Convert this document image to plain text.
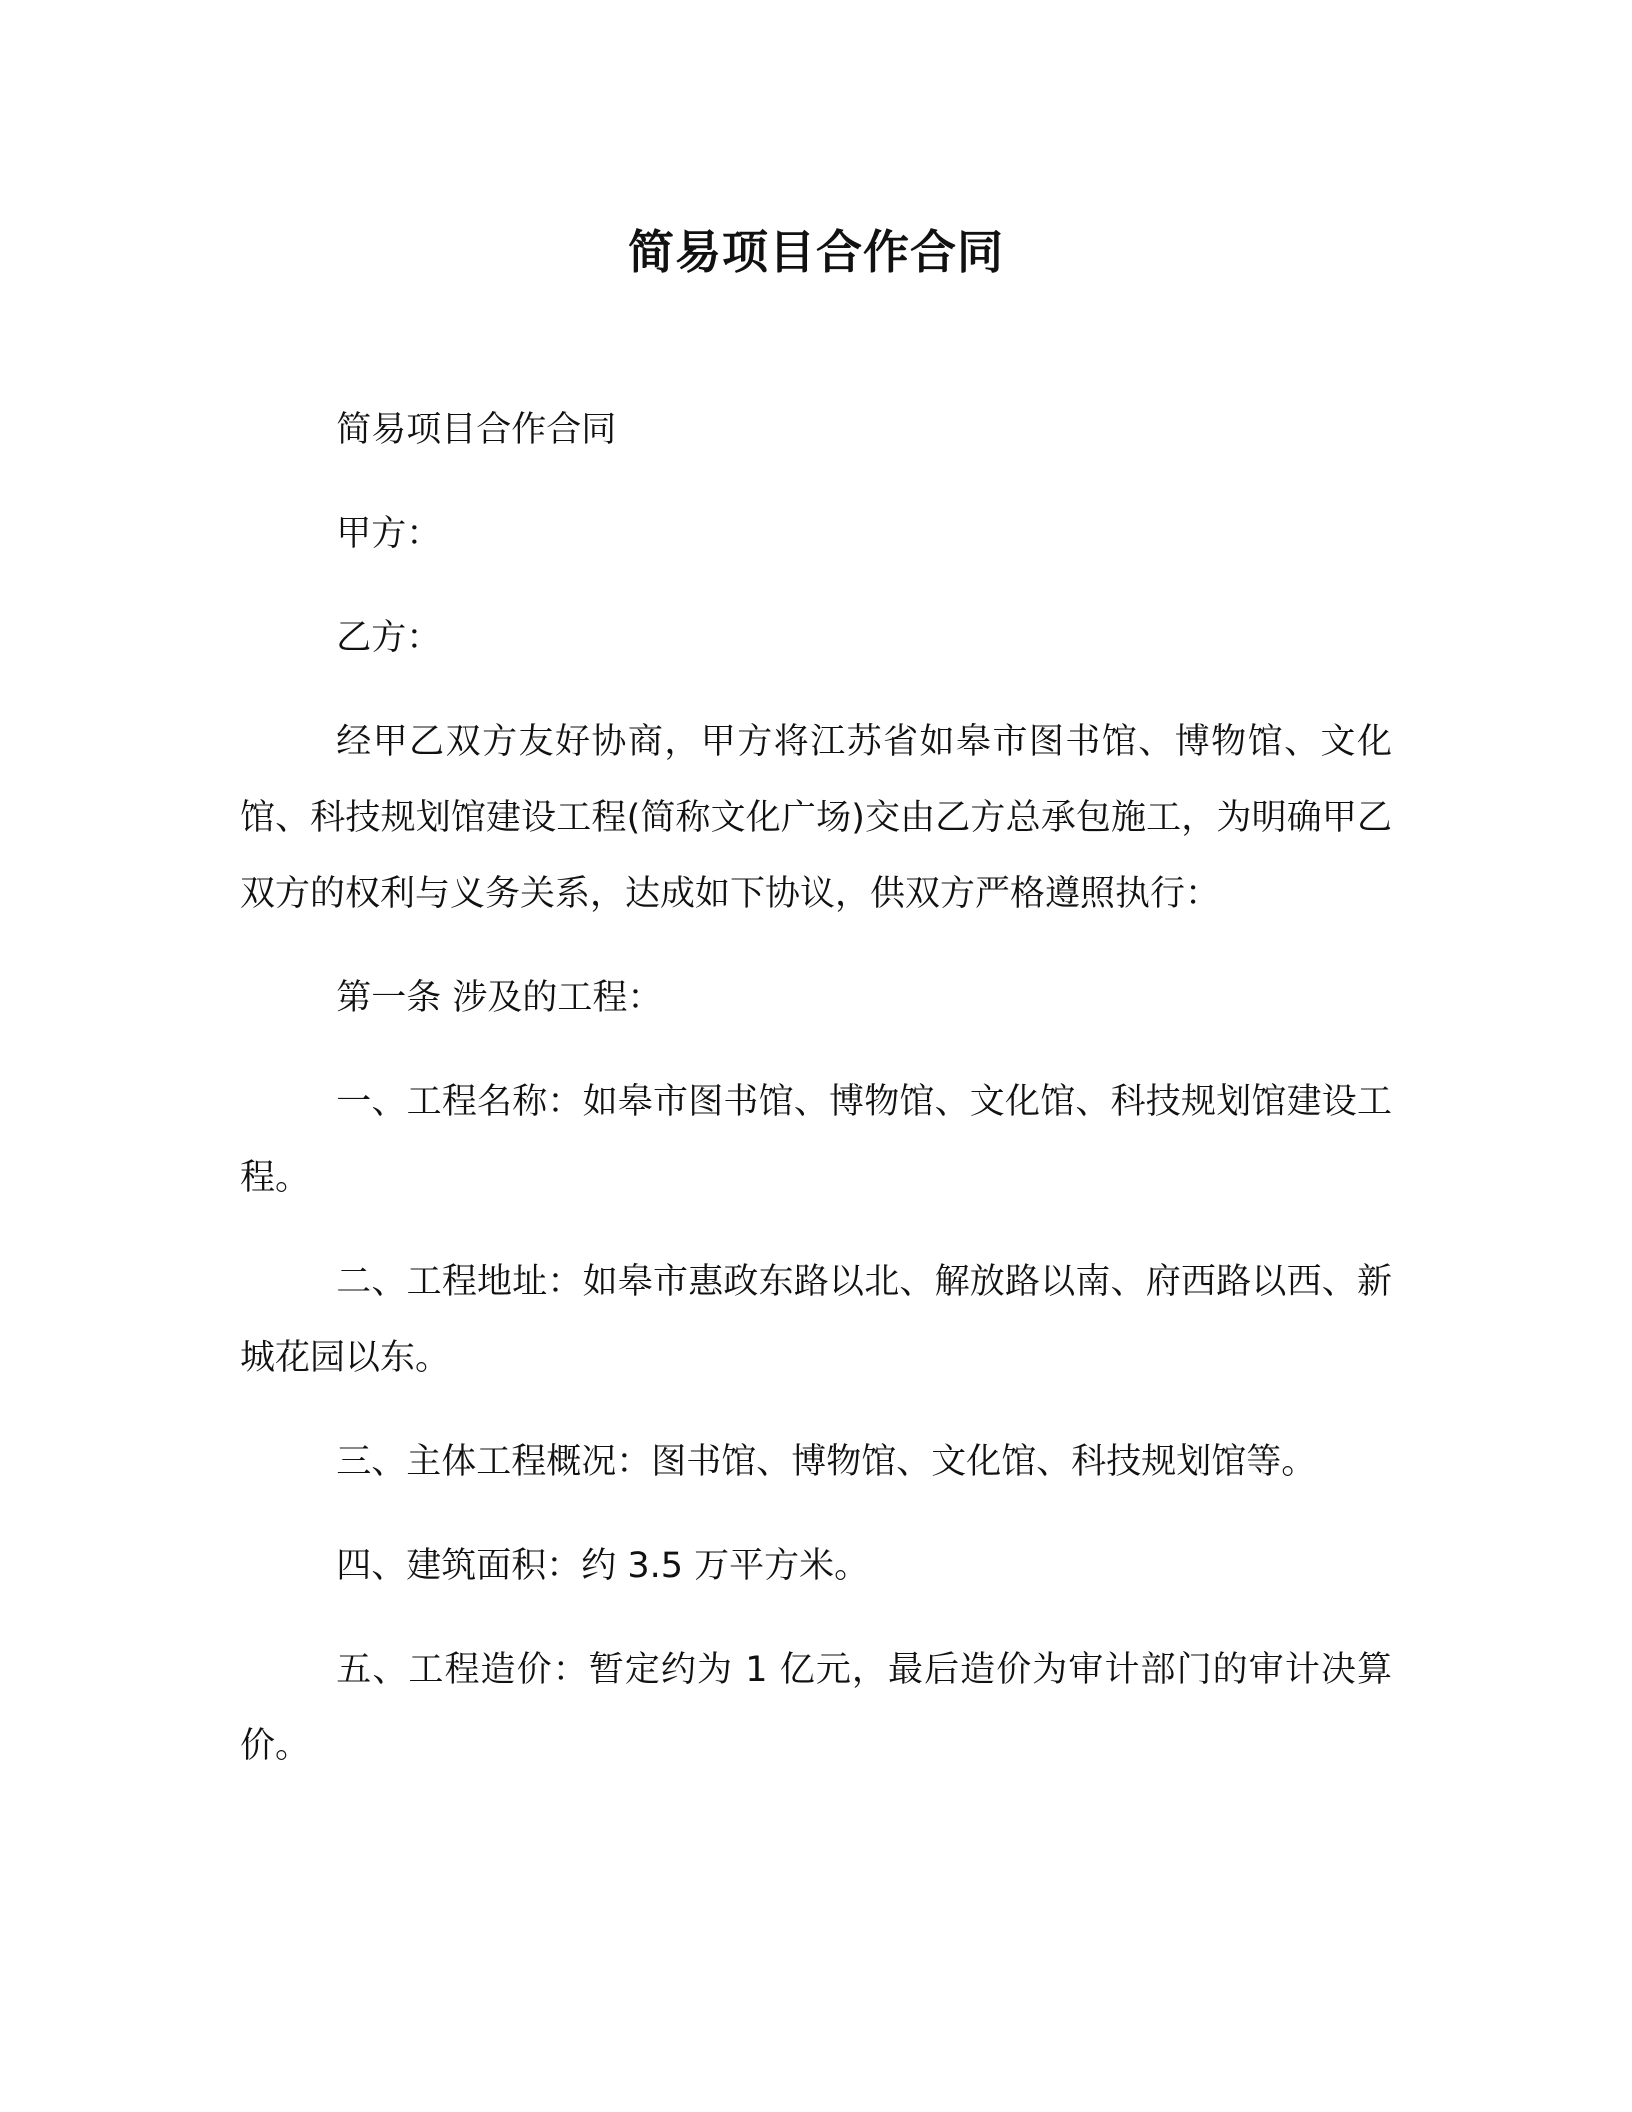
简易项目合作合同

简易项目合作合同

甲方：

乙方：

经甲乙双方友好协商，甲方将江苏省如皋市图书馆、博物馆、文化馆、科技规划馆建设工程(简称文化广场)交由乙方总承包施工，为明确甲乙双方的权利与义务关系，达成如下协议，供双方严格遵照执行：

第一条 涉及的工程：

一、工程名称：如皋市图书馆、博物馆、文化馆、科技规划馆建设工程。

二、工程地址：如皋市惠政东路以北、解放路以南、府西路以西、新城花园以东。

三、主体工程概况：图书馆、博物馆、文化馆、科技规划馆等。

四、建筑面积：约 3.5 万平方米。

五、工程造价：暂定约为 1 亿元，最后造价为审计部门的审计决算价。
